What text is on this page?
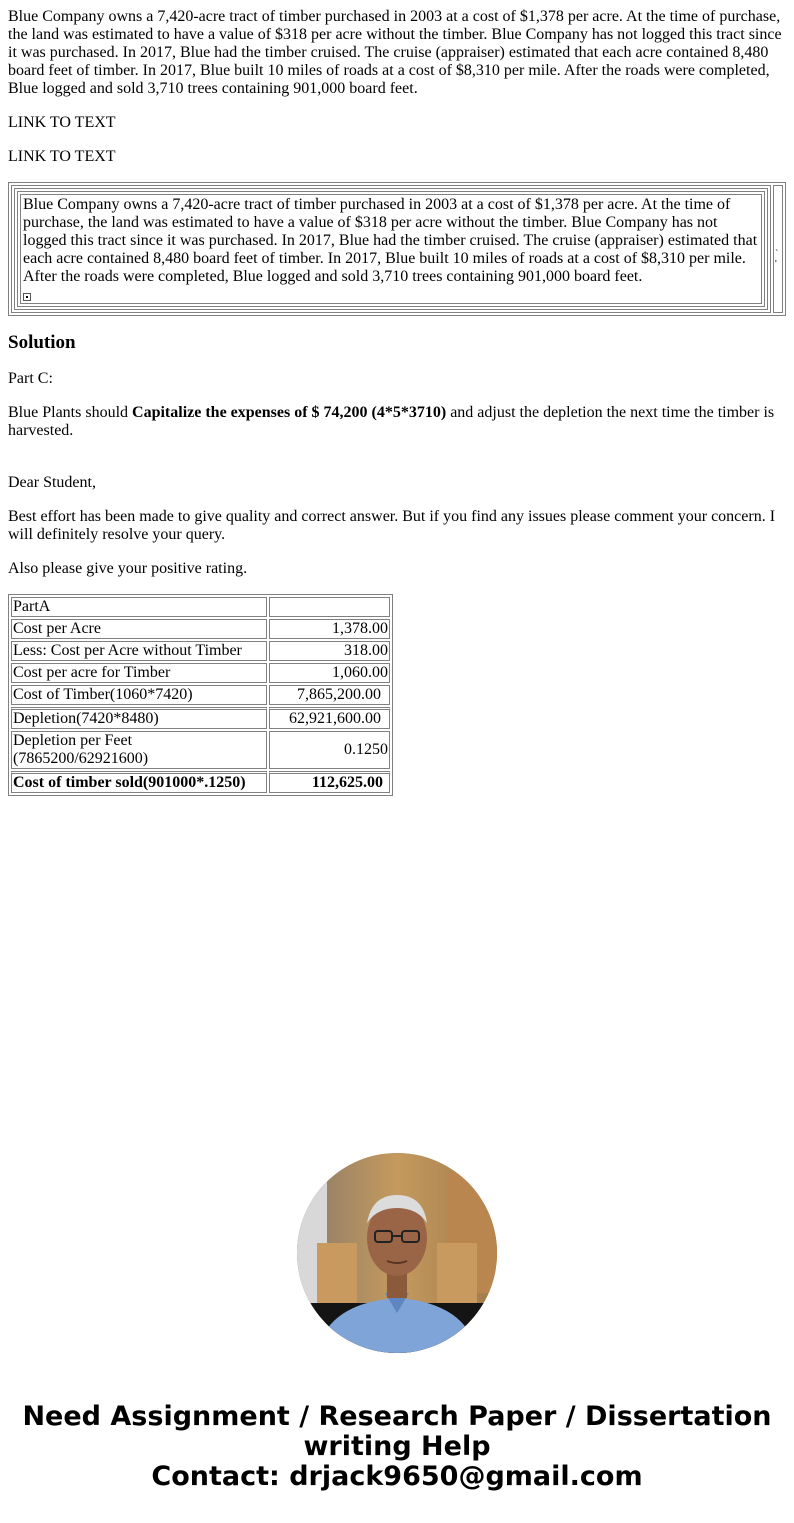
Blue Company owns a 7,420-acre tract of timber purchased in 2003 at a cost of $1,378 per acre. At the time of purchase, the land was estimated to have a value of $318 per acre without the timber. Blue Company has not logged this tract since it was purchased. In 2017, Blue had the timber cruised. The cruise (appraiser) estimated that each acre contained 8,480 board feet of timber. In 2017, Blue built 10 miles of roads at a cost of $8,310 per mile. After the roads were completed, Blue logged and sold 3,710 trees containing 901,000 board feet.

LINK TO TEXT

LINK TO TEXT

Blue Company owns a 7,420-acre tract of timber purchased in 2003 at a cost of $1,378 per acre. At the time of purchase, the land was estimated to have a value of $318 per acre without the timber. Blue Company has not logged this tract since it was purchased. In 2017, Blue had the timber cruised. The cruise (appraiser) estimated that each acre contained 8,480 board feet of timber. In 2017, Blue built 10 miles of roads at a cost of $8,310 per mile. After the roads were completed, Blue logged and sold 3,710 trees containing 901,000 board feet.
` '
Solution

Part C:

Blue Plants should Capitalize the expenses of $ 74,200 (4*5*3710) and adjust the depletion the next time the timber is harvested.

Dear Student,

Best effort has been made to give quality and correct answer. But if you find any issues please comment your concern. I will definitely resolve your query.

Also please give your positive rating.

PartA	
Cost per Acre	1,378.00
Less: Cost per Acre without Timber	318.00
Cost per acre for Timber	1,060.00
Cost of Timber(1060*7420)	7,865,200.00
Depletion(7420*8480)	62,921,600.00
Depletion per Feet (7865200/62921600)	0.1250
Cost of timber sold(901000*.1250)	112,625.00
Need Assignment / Research Paper / Dissertation
writing Help
Contact: drjack9650@gmail.com
